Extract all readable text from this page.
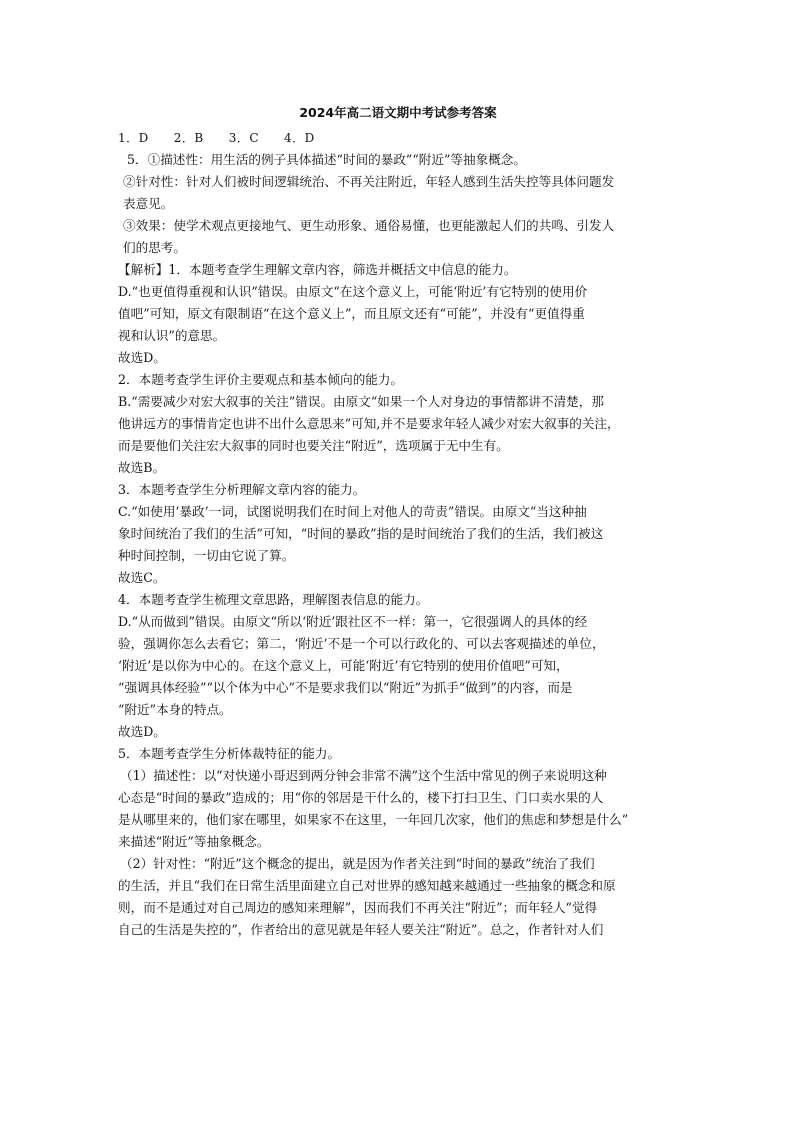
2024年高二语文期中考试参考答案
1．D　　2．B　　3．C　　4．D
5．①描述性：用生活的例子具体描述“时间的暴政”“附近”等抽象概念。
②针对性：针对人们被时间逻辑统治、不再关注附近，年轻人感到生活失控等具体问题发
表意见。
③效果：使学术观点更接地气、更生动形象、通俗易懂，也更能激起人们的共鸣、引发人
们的思考。
【解析】1．本题考查学生理解文章内容，筛选并概括文中信息的能力。
D.“也更值得重视和认识”错误。由原文“在这个意义上，可能‘附近’有它特别的使用价
值吧”可知，原文有限制语“在这个意义上”，而且原文还有“可能”，并没有“更值得重
视和认识”的意思。
故选D。
2．本题考查学生评价主要观点和基本倾向的能力。
B.“需要减少对宏大叙事的关注”错误。由原文“如果一个人对身边的事情都讲不清楚，那
他讲远方的事情肯定也讲不出什么意思来”可知,并不是要求年轻人减少对宏大叙事的关注，
而是要他们关注宏大叙事的同时也要关注“附近”，选项属于无中生有。
故选B。
3．本题考查学生分析理解文章内容的能力。
C.“如使用‘暴政’一词，试图说明我们在时间上对他人的苛责”错误。由原文“当这种抽
象时间统治了我们的生活”可知，“时间的暴政”指的是时间统治了我们的生活，我们被这
种时间控制，一切由它说了算。
故选C。
4．本题考查学生梳理文章思路，理解图表信息的能力。
D.“从而做到”错误。由原文“所以‘附近’跟社区不一样：第一，它很强调人的具体的经
验，强调你怎么去看它；第二，‘附近’不是一个可以行政化的、可以去客观描述的单位，
‘附近’是以你为中心的。在这个意义上，可能‘附近’有它特别的使用价值吧”可知，
“强调具体经验”“以个体为中心”不是要求我们以“附近”为抓手“做到”的内容，而是
“附近”本身的特点。
故选D。
5．本题考查学生分析体裁特征的能力。
（1）描述性：以“对快递小哥迟到两分钟会非常不满”这个生活中常见的例子来说明这种
心态是“时间的暴政”造成的；用“你的邻居是干什么的，楼下打扫卫生、门口卖水果的人
是从哪里来的，他们家在哪里，如果家不在这里，一年回几次家，他们的焦虑和梦想是什么”
来描述“附近”等抽象概念。
（2）针对性：“附近”这个概念的提出，就是因为作者关注到“时间的暴政”统治了我们
的生活，并且“我们在日常生活里面建立自己对世界的感知越来越通过一些抽象的概念和原
则，而不是通过对自己周边的感知来理解”，因而我们不再关注“附近”；而年轻人“觉得
自己的生活是失控的”，作者给出的意见就是年轻人要关注“附近”。总之，作者针对人们
